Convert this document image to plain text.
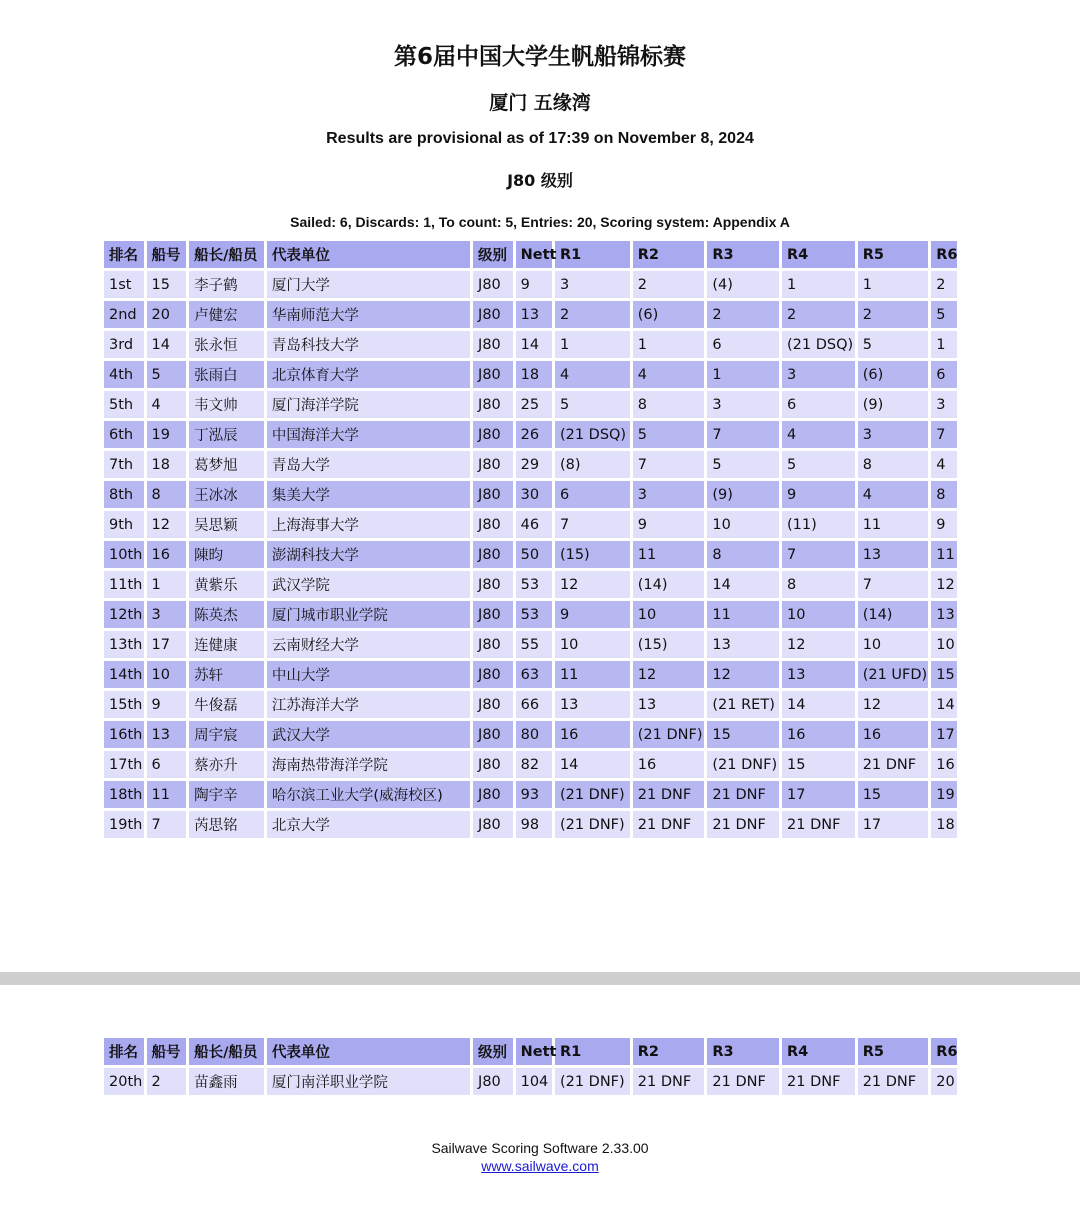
第6届中国大学生帆船锦标赛
厦门 五缘湾
Results are provisional as of 17:39 on November 8, 2024
J80 级别
Sailed: 6, Discards: 1, To count: 5, Entries: 20, Scoring system: Appendix A
排名	船号	船长/船员	代表单位	级别	Nett	R1	R2	R3	R4	R5	R6
1st	15	李子鹤	厦门大学	J80	9	3	2	(4)	1	1	2
2nd	20	卢健宏	华南师范大学	J80	13	2	(6)	2	2	2	5
3rd	14	张永恒	青岛科技大学	J80	14	1	1	6	(21 DSQ)	5	1
4th	5	张雨白	北京体育大学	J80	18	4	4	1	3	(6)	6
5th	4	韦文帅	厦门海洋学院	J80	25	5	8	3	6	(9)	3
6th	19	丁泓辰	中国海洋大学	J80	26	(21 DSQ)	5	7	4	3	7
7th	18	葛梦旭	青岛大学	J80	29	(8)	7	5	5	8	4
8th	8	王冰冰	集美大学	J80	30	6	3	(9)	9	4	8
9th	12	吴思颖	上海海事大学	J80	46	7	9	10	(11)	11	9
10th	16	陳昀	澎湖科技大学	J80	50	(15)	11	8	7	13	11
11th	1	黄紫乐	武汉学院	J80	53	12	(14)	14	8	7	12
12th	3	陈英杰	厦门城市职业学院	J80	53	9	10	11	10	(14)	13
13th	17	连健康	云南财经大学	J80	55	10	(15)	13	12	10	10
14th	10	苏轩	中山大学	J80	63	11	12	12	13	(21 UFD)	15
15th	9	牛俊磊	江苏海洋大学	J80	66	13	13	(21 RET)	14	12	14
16th	13	周宇宸	武汉大学	J80	80	16	(21 DNF)	15	16	16	17
17th	6	蔡亦升	海南热带海洋学院	J80	82	14	16	(21 DNF)	15	21 DNF	16
18th	11	陶宇辛	哈尔滨工业大学(威海校区)	J80	93	(21 DNF)	21 DNF	21 DNF	17	15	19
19th	7	芮思铭	北京大学	J80	98	(21 DNF)	21 DNF	21 DNF	21 DNF	17	18
排名	船号	船长/船员	代表单位	级别	Nett	R1	R2	R3	R4	R5	R6
20th	2	苗鑫雨	厦门南洋职业学院	J80	104	(21 DNF)	21 DNF	21 DNF	21 DNF	21 DNF	20
Sailwave Scoring Software 2.33.00
www.sailwave.com
